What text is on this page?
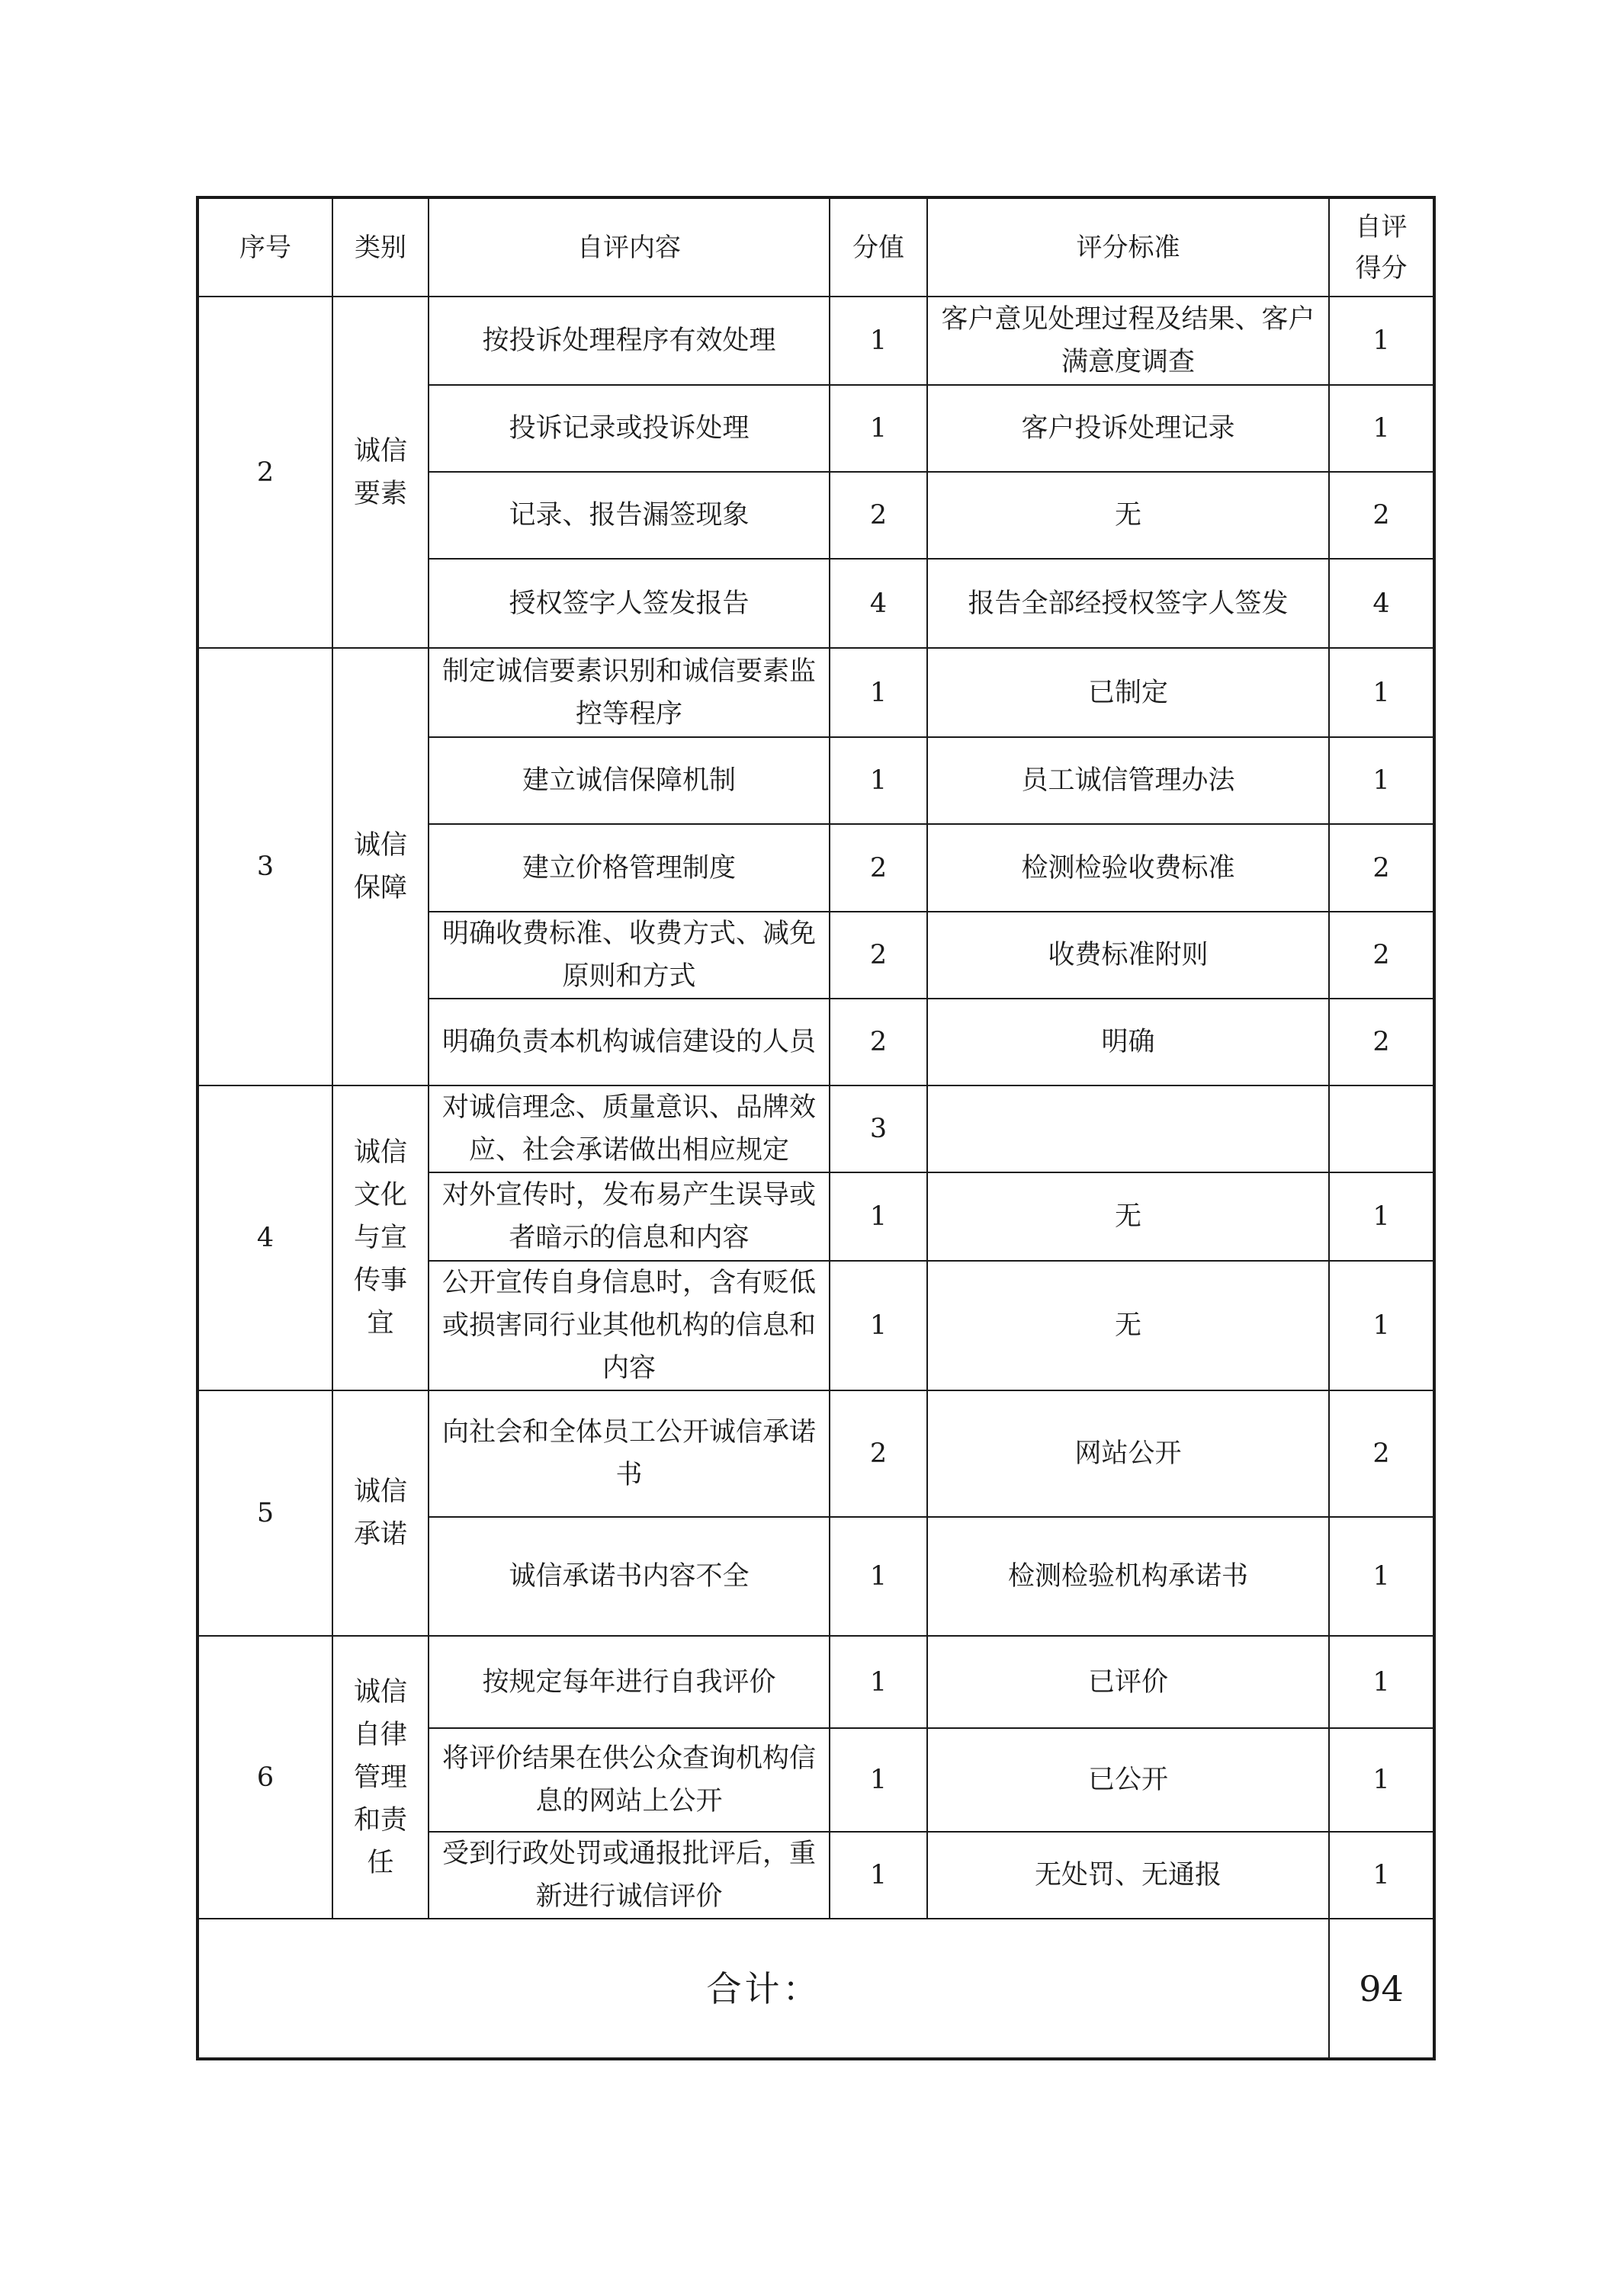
序号	类别	自评内容	分值	评分标准	自评得分
2	诚信要素	按投诉处理程序有效处理	1	客户意见处理过程及结果、客户满意度调查	1
		投诉记录或投诉处理	1	客户投诉处理记录	1
		记录、报告漏签现象	2	无	2
		授权签字人签发报告	4	报告全部经授权签字人签发	4
3	诚信保障	制定诚信要素识别和诚信要素监控等程序	1	已制定	1
		建立诚信保障机制	1	员工诚信管理办法	1
		建立价格管理制度	2	检测检验收费标准	2
		明确收费标准、收费方式、减免原则和方式	2	收费标准附则	2
		明确负责本机构诚信建设的人员	2	明确	2
4	诚信文化与宣传事宜	对诚信理念、质量意识、品牌效应、社会承诺做出相应规定	3		
		对外宣传时，发布易产生误导或者暗示的信息和内容	1	无	1
		公开宣传自身信息时，含有贬低或损害同行业其他机构的信息和内容	1	无	1
5	诚信承诺	向社会和全体员工公开诚信承诺书	2	网站公开	2
		诚信承诺书内容不全	1	检测检验机构承诺书	1
6	诚信自律管理和责任	按规定每年进行自我评价	1	已评价	1
		将评价结果在供公众查询机构信息的网站上公开	1	已公开	1
		受到行政处罚或通报批评后，重新进行诚信评价	1	无处罚、无通报	1
合计：					94
